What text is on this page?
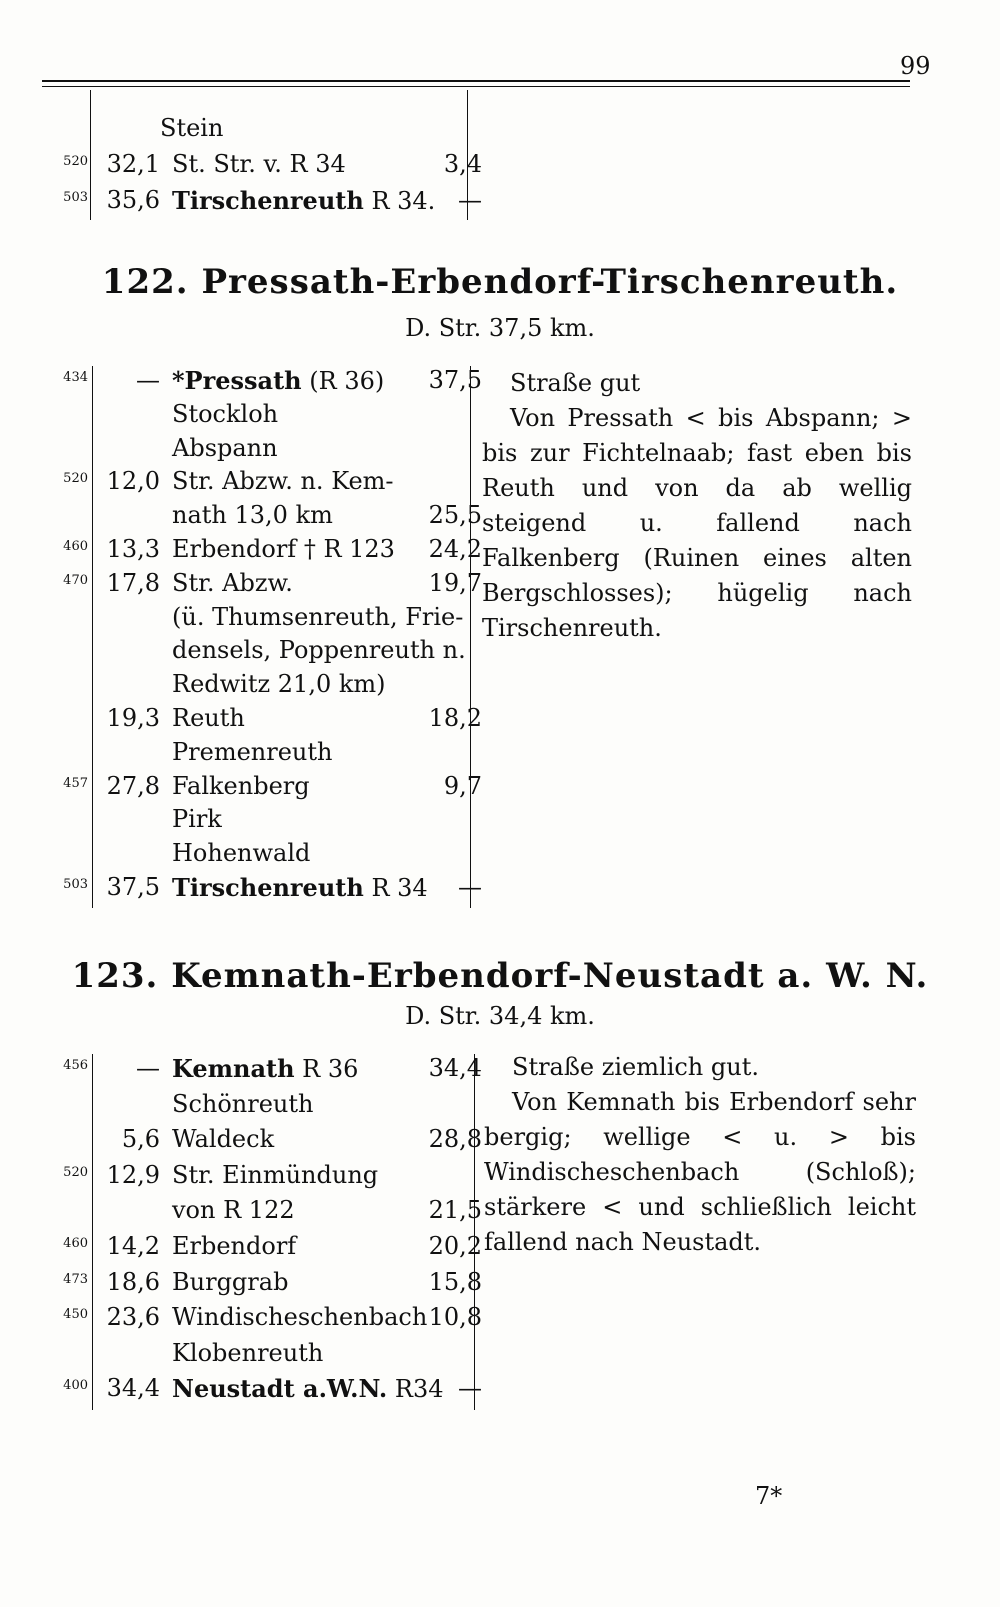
99
Stein
520 32,1 St. Str. v. R 34	3,4
503 35,6 Tirschenreuth R 34. —
122. Pressath-Erbendorf-Tirschenreuth.
D. Str. 37,5 km.
434	— *Pressath (R 36) 37,5
Stockloh
Abspann
520 12,0 Str. Abzw. n. Kem-
nath 13,0 km	25,5
460 13,3 Erbendorf † R 123 24,2
470 17,8 Str. Abzw.	19,7
(ü. Thumsenreuth, Frie-
densels, Poppenreuth n.
Redwitz 21,0 km)
19,3 Reuth	18,2
Premenreuth
457 27,8 Falkenberg	9,7
Pirk
Hohenwald
503 37,5 Tirschenreuth R 34 —

Straße gut

Von Pressath < bis Abspann; > bis zur Fichtelnaab; fast eben bis Reuth und von da ab wellig steigend u. fallend nach Falkenberg (Ruinen eines alten Bergschlosses); hügelig nach Tirschenreuth.

123. Kemnath-Erbendorf-Neustadt a. W. N.
D. Str. 34,4 km.
456	— Kemnath R 36	34,4
Schönreuth
5,6 Waldeck	28,8
520 12,9 Str. Einmündung
von R 122	21,5
460 14,2 Erbendorf	20,2
473 18,6 Burggrab	15,8
450 23,6 Windischeschenbach 10,8
Klobenreuth
400 34,4 Neustadt a.W.N. R34 —

Straße ziemlich gut.

Von Kemnath bis Erbendorf sehr bergig; wellige < u. > bis Windischeschenbach (Schloß); stärkere < und schließlich leicht fallend nach Neustadt.

7*
